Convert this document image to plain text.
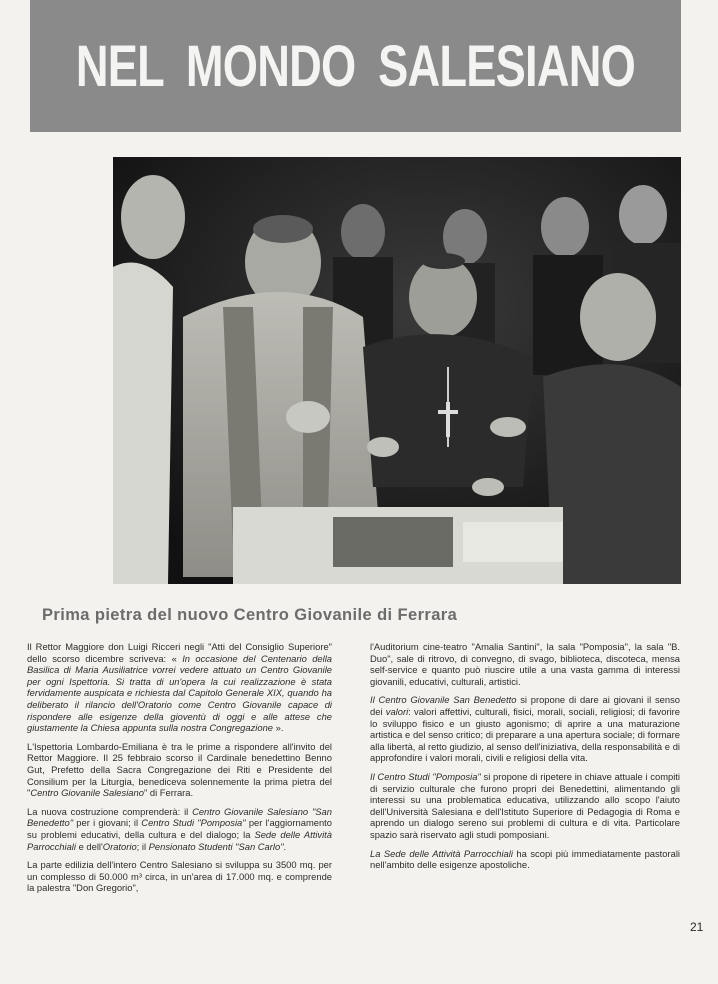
NEL MONDO SALESIANO
Prima pietra del nuovo Centro Giovanile di Ferrara

Il Rettor Maggiore don Luigi Ricceri negli "Atti del Consiglio Superiore" dello scorso dicembre scriveva: « In occasione del Centenario della Basilica di Maria Ausiliatrice vorrei vedere attuato un Centro Giovanile per ogni Ispettoria. Si tratta di un'opera la cui realizzazione è stata fervidamente auspicata e richiesta dal Capitolo Generale XIX, quando ha deliberato il rilancio dell'Oratorio come Centro Giovanile capace di rispondere alle esigenze della gioventù di oggi e alle attese che giustamente la Chiesa appunta sulla nostra Congregazione ».

L'Ispettoria Lombardo-Emiliana è tra le prime a rispondere all'invito del Rettor Maggiore. Il 25 febbraio scorso il Cardinale benedettino Benno Gut, Prefetto della Sacra Congregazione dei Riti e Presidente del Consilium per la Liturgia, benediceva solennemente la prima pietra del "Centro Giovanile Salesiano" di Ferrara.

La nuova costruzione comprenderà: il Centro Giovanile Salesiano "San Benedetto" per i giovani; il Centro Studi "Pomposia" per l'aggiornamento su problemi educativi, della cultura e del dialogo; la Sede delle Attività Parrocchiali e dell'Oratorio; il Pensionato Studenti "San Carlo".

La parte edilizia dell'intero Centro Salesiano si sviluppa su 3500 mq. per un complesso di 50.000 m³ circa, in un'area di 17.000 mq. e comprende la palestra "Don Gregorio",

l'Auditorium cine-teatro "Amalia Santini", la sala "Pomposia", la sala "B. Duo", sale di ritrovo, di convegno, di svago, biblioteca, discoteca, mensa self-service e quanto può riuscire utile a una vasta gamma di interessi giovanili, educativi, culturali, artistici.

Il Centro Giovanile San Benedetto si propone di dare ai giovani il senso dei valori: valori affettivi, culturali, fisici, morali, sociali, religiosi; di favorire lo sviluppo fisico e un giusto agonismo; di aprire a una maturazione artistica e del senso critico; di preparare a una apertura sociale; di formare alla libertà, al retto giudizio, al senso dell'iniziativa, della responsabilità e di approfondire i valori morali, civili e religiosi della vita.

Il Centro Studi "Pomposia" si propone di ripetere in chiave attuale i compiti di servizio culturale che furono propri dei Benedettini, alimentando gli interessi su una problematica educativa, utilizzando allo scopo l'aiuto dell'Università Salesiana e dell'Istituto Superiore di Pedagogia di Roma e aprendo un dialogo sereno sui problemi di cultura e di vita. Particolare spazio sarà riservato agli studi pomposiani.

La Sede delle Attività Parrocchiali ha scopi più immediatamente pastorali nell'ambito delle esigenze apostoliche.

21
